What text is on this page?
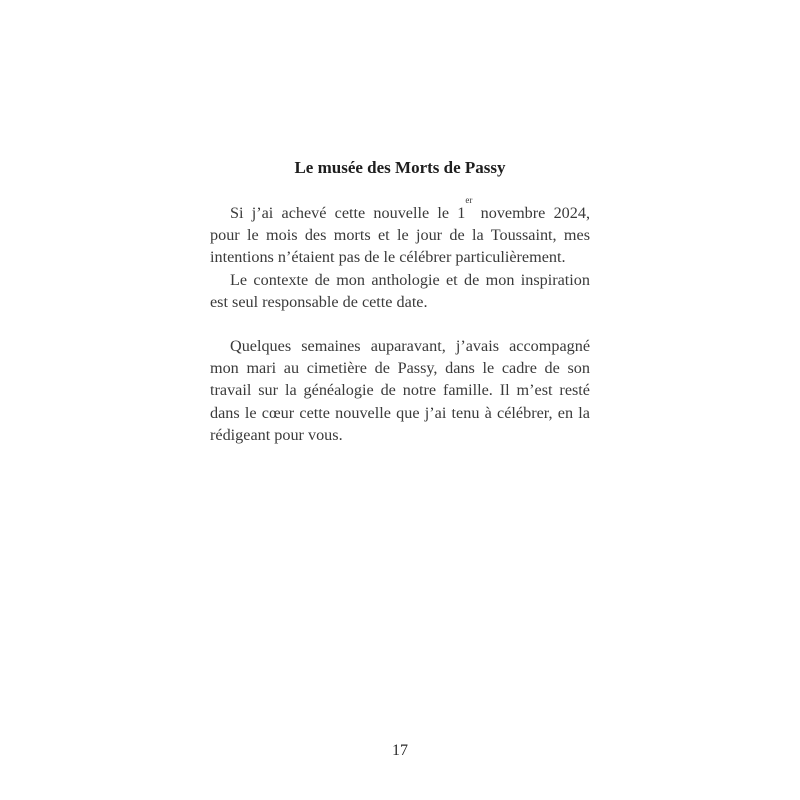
Le musée des Morts de Passy

Si j’ai achevé cette nouvelle le 1er novembre 2024, pour le mois des morts et le jour de la Toussaint, mes intentions n’étaient pas de le célébrer particulièrement.

Le contexte de mon anthologie et de mon inspiration est seul responsable de cette date.

Quelques semaines auparavant, j’avais accompagné mon mari au cimetière de Passy, dans le cadre de son travail sur la généalogie de notre famille. Il m’est resté dans le cœur cette nouvelle que j’ai tenu à célébrer, en la rédigeant pour vous.

17
